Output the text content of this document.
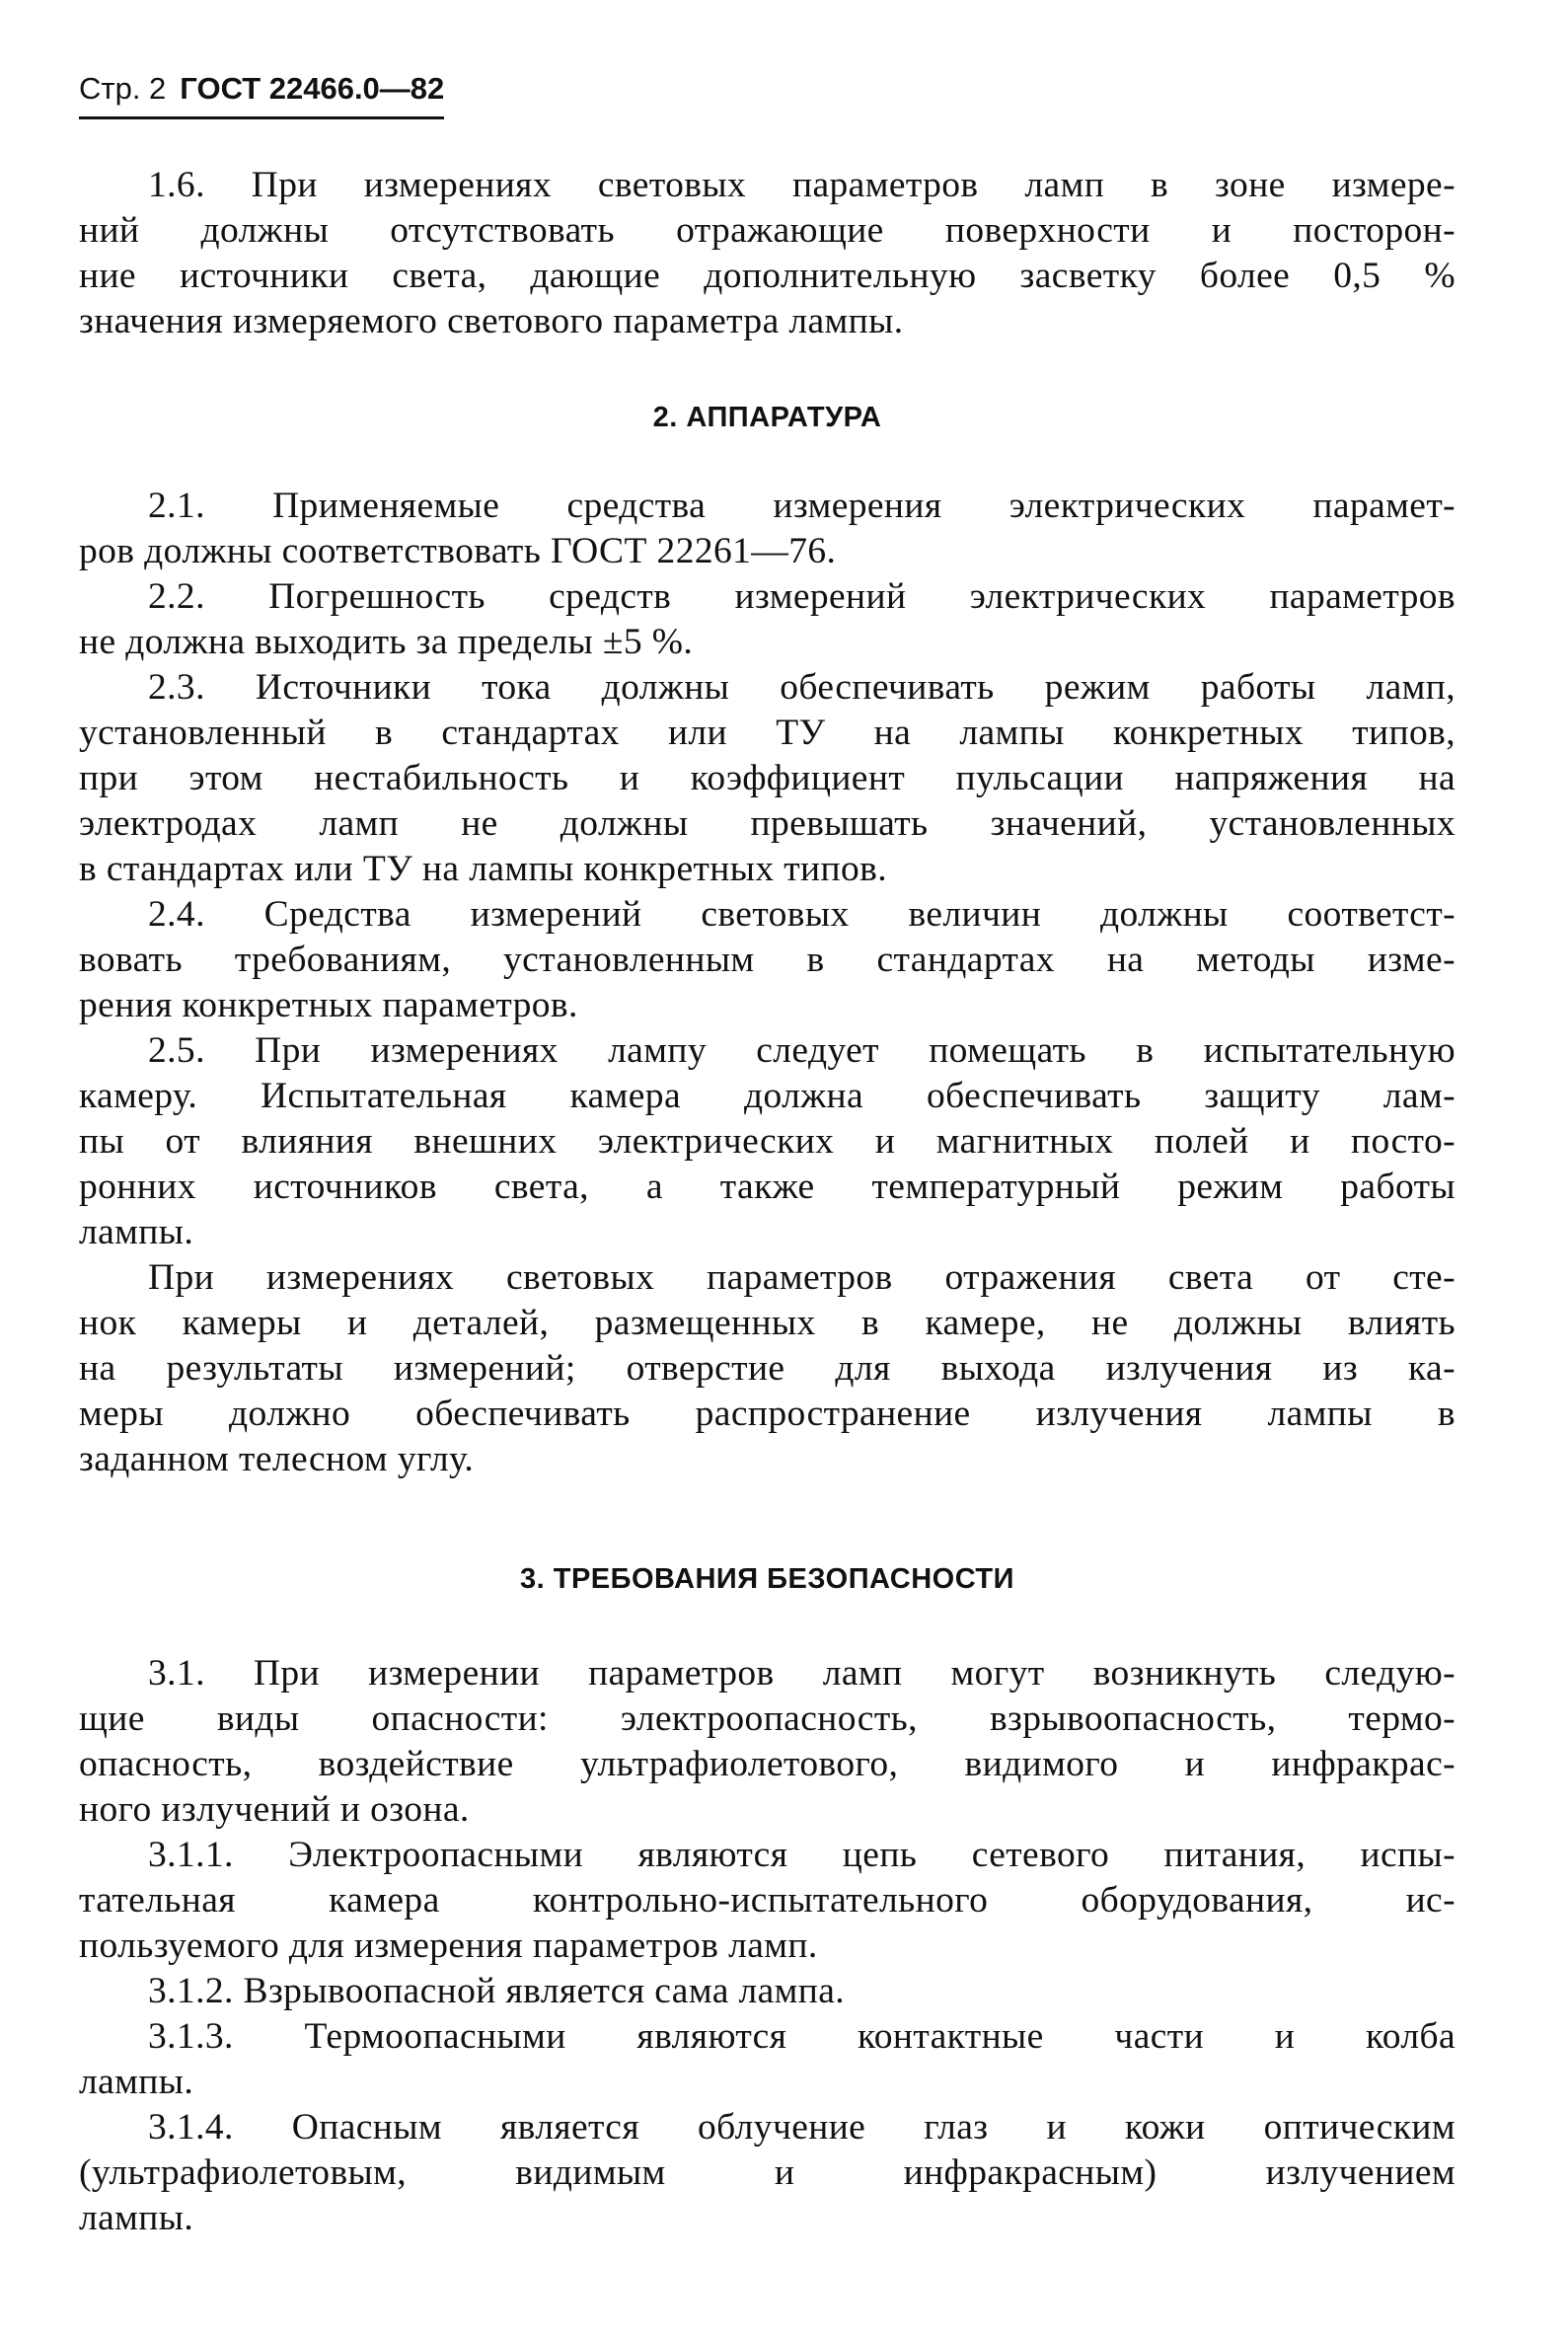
Стр. 2 ГОСТ 22466.0—82
1.6. При измерениях световых параметров ламп в зоне измере-
ний должны отсутствовать отражающие поверхности и посторон-
ние источники света, дающие дополнительную засветку более 0,5 %
значения измеряемого светового параметра лампы.
2. АППАРАТУРА
2.1. Применяемые средства измерения электрических парамет-
ров должны соответствовать ГОСТ 22261—76.
2.2. Погрешность средств измерений электрических параметров
не должна выходить за пределы ±5 %.
2.3. Источники тока должны обеспечивать режим работы ламп,
установленный в стандартах или ТУ на лампы конкретных типов,
при этом нестабильность и коэффициент пульсации напряжения на
электродах ламп не должны превышать значений, установленных
в стандартах или ТУ на лампы конкретных типов.
2.4. Средства измерений световых величин должны соответст-
вовать требованиям, установленным в стандартах на методы изме-
рения конкретных параметров.
2.5. При измерениях лампу следует помещать в испытательную
камеру. Испытательная камера должна обеспечивать защиту лам-
пы от влияния внешних электрических и магнитных полей и посто-
ронних источников света, а также температурный режим работы
лампы.
При измерениях световых параметров отражения света от сте-
нок камеры и деталей, размещенных в камере, не должны влиять
на результаты измерений; отверстие для выхода излучения из ка-
меры должно обеспечивать распространение излучения лампы в
заданном телесном углу.
3. ТРЕБОВАНИЯ БЕЗОПАСНОСТИ
3.1. При измерении параметров ламп могут возникнуть следую-
щие виды опасности: электроопасность, взрывоопасность, термо-
опасность, воздействие ультрафиолетового, видимого и инфракрас-
ного излучений и озона.
3.1.1. Электроопасными являются цепь сетевого питания, испы-
тательная камера контрольно-испытательного оборудования, ис-
пользуемого для измерения параметров ламп.
3.1.2. Взрывоопасной является сама лампа.
3.1.3. Термоопасными являются контактные части и колба
лампы.
3.1.4. Опасным является облучение глаз и кожи оптическим
(ультрафиолетовым, видимым и инфракрасным) излучением
лампы.
